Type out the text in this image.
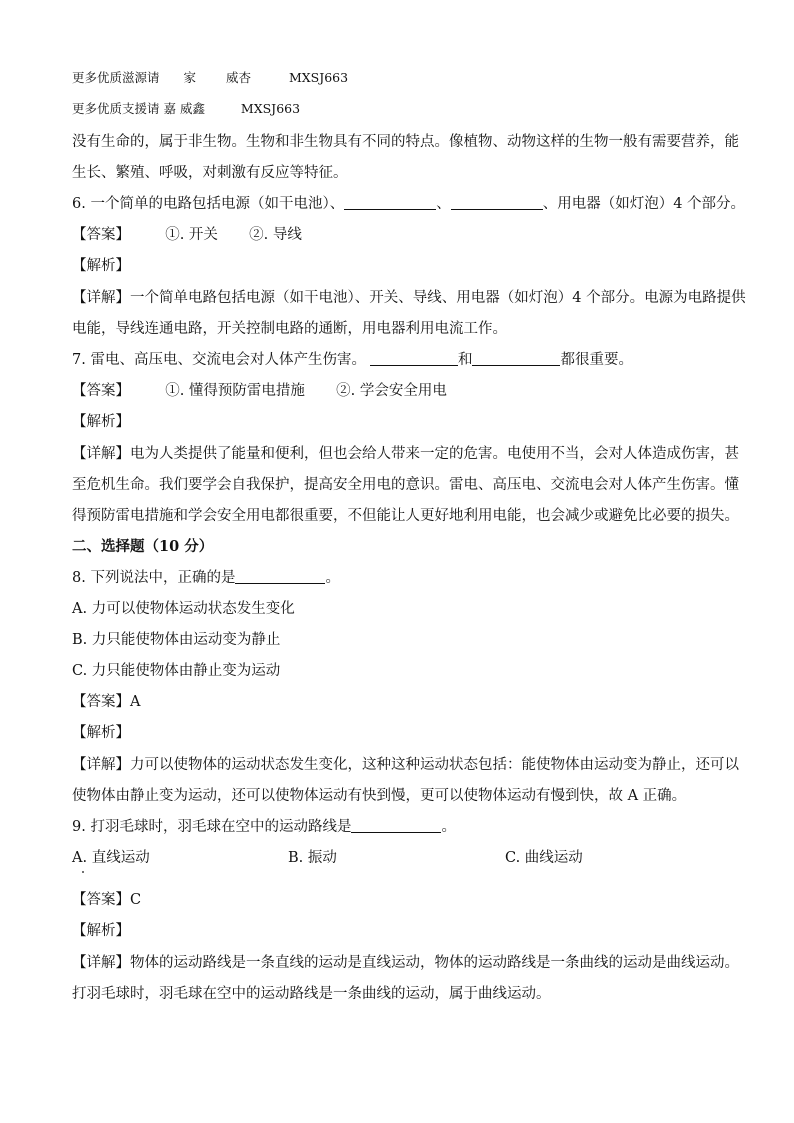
更多优质滋源请 家 威杏	MXSJ663
更多优质支援请 嘉 威鑫	MXSJ663
没有生命的，属于非生物。生物和非生物具有不同的特点。像植物、动物这样的生物一般有需要营养，能
生长、繁殖、呼吸，对刺激有反应等特征。
6. 一个简单的电路包括电源（如干电池）、	、	、用电器（如灯泡）4 个部分。
【答案】 ①. 开关 ②. 导线
【解析】
【详解】一个简单电路包括电源（如干电池）、开关、导线、用电器（如灯泡）4 个部分。电源为电路提供
电能，导线连通电路，开关控制电路的通断，用电器利用电流工作。
7. 雷电、高压电、交流电会对人体产生伤害。	和	都很重要。
【答案】 ①. 懂得预防雷电措施 ②. 学会安全用电
【解析】
【详解】电为人类提供了能量和便利，但也会给人带来一定的危害。电使用不当，会对人体造成伤害，甚
至危机生命。我们要学会自我保护，提高安全用电的意识。雷电、高压电、交流电会对人体产生伤害。懂
得预防雷电措施和学会安全用电都很重要，不但能让人更好地利用电能，也会减少或避免比必要的损失。
二、选择题（10 分）
8. 下列说法中，正确的是	。
A. 力可以使物体运动状态发生变化
B. 力只能使物体由运动变为静止
C. 力只能使物体由静止变为运动
【答案】A
【解析】
【详解】力可以使物体的运动状态发生变化，这种这种运动状态包括：能使物体由运动变为静止，还可以
使物体由静止变为运动，还可以使物体运动有快到慢，更可以使物体运动有慢到快，故 A 正确。
9. 打羽毛球时，羽毛球在空中的运动路线是	。
A. 直线运动	B. 振动	C. 曲线运动
【答案】C
【解析】
【详解】物体的运动路线是一条直线的运动是直线运动，物体的运动路线是一条曲线的运动是曲线运动。
打羽毛球时，羽毛球在空中的运动路线是一条曲线的运动，属于曲线运动。
